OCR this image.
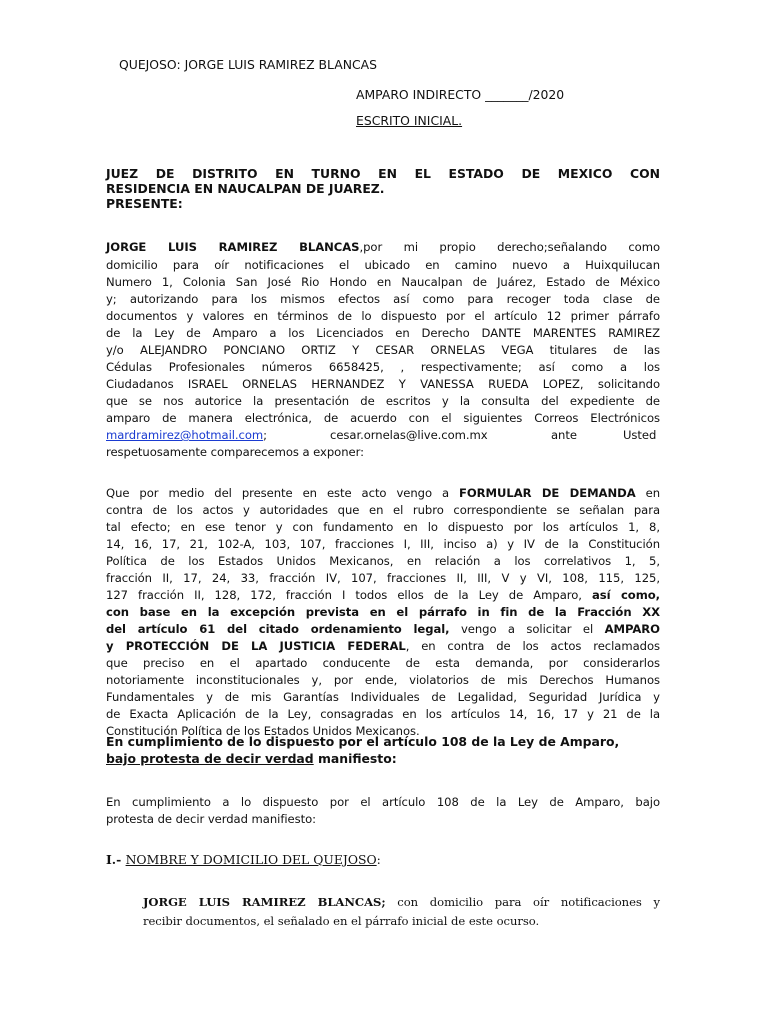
QUEJOSO: JORGE LUIS RAMIREZ BLANCAS
AMPARO INDIRECTO _______/2020
ESCRITO INICIAL.
JUEZ DE DISTRITO EN TURNO EN EL ESTADO DE MEXICO CON
RESIDENCIA EN NAUCALPAN DE JUAREZ.
PRESENTE:
JORGE LUIS RAMIREZ BLANCAS,por mi propio derecho;señalando como
domicilio para oír notificaciones el ubicado en camino nuevo a Huixquilucan
Numero 1, Colonia San José Rio Hondo en Naucalpan de Juárez, Estado de México
y; autorizando para los mismos efectos así como para recoger toda clase de
documentos y valores en términos de lo dispuesto por el artículo 12 primer párrafo
de la Ley de Amparo a los Licenciados en Derecho DANTE MARENTES RAMIREZ
y/o ALEJANDRO PONCIANO ORTIZ Y CESAR ORNELAS VEGA titulares de las
Cédulas Profesionales números 6658425, , respectivamente; así como a los
Ciudadanos ISRAEL ORNELAS HERNANDEZ Y VANESSA RUEDA LOPEZ, solicitando
que se nos autorice la presentación de escritos y la consulta del expediente de
amparo de manera electrónica, de acuerdo con el siguientes Correos Electrónicos
mardramirez@hotmail.com;	cesar.ornelas@live.com.mx	ante	Usted
respetuosamente comparecemos a exponer:
Que por medio del presente en este acto vengo a FORMULAR DE DEMANDA en
contra de los actos y autoridades que en el rubro correspondiente se señalan para
tal efecto; en ese tenor y con fundamento en lo dispuesto por los artículos 1, 8,
14, 16, 17, 21, 102-A, 103, 107, fracciones I, III, inciso a) y IV de la Constitución
Política de los Estados Unidos Mexicanos, en relación a los correlativos 1, 5,
fracción II, 17, 24, 33, fracción IV, 107, fracciones II, III, V y VI, 108, 115, 125,
127 fracción II, 128, 172, fracción I todos ellos de la Ley de Amparo, así como,
con base en la excepción prevista en el párrafo in fin de la Fracción XX
del artículo 61 del citado ordenamiento legal, vengo a solicitar el AMPARO
y PROTECCIÓN DE LA JUSTICIA FEDERAL, en contra de los actos reclamados
que preciso en el apartado conducente de esta demanda, por considerarlos
notoriamente inconstitucionales y, por ende, violatorios de mis Derechos Humanos
Fundamentales y de mis Garantías Individuales de Legalidad, Seguridad Jurídica y
de Exacta Aplicación de la Ley, consagradas en los artículos 14, 16, 17 y 21 de la
Constitución Política de los Estados Unidos Mexicanos.
En cumplimiento de lo dispuesto por el artículo 108 de la Ley de Amparo,
bajo protesta de decir verdad manifiesto:
En cumplimiento a lo dispuesto por el artículo 108 de la Ley de Amparo, bajo
protesta de decir verdad manifiesto:
I.- NOMBRE Y DOMICILIO DEL QUEJOSO:
JORGE LUIS RAMIREZ BLANCAS; con domicilio para oír notificaciones y
recibir documentos, el señalado en el párrafo inicial de este ocurso.
